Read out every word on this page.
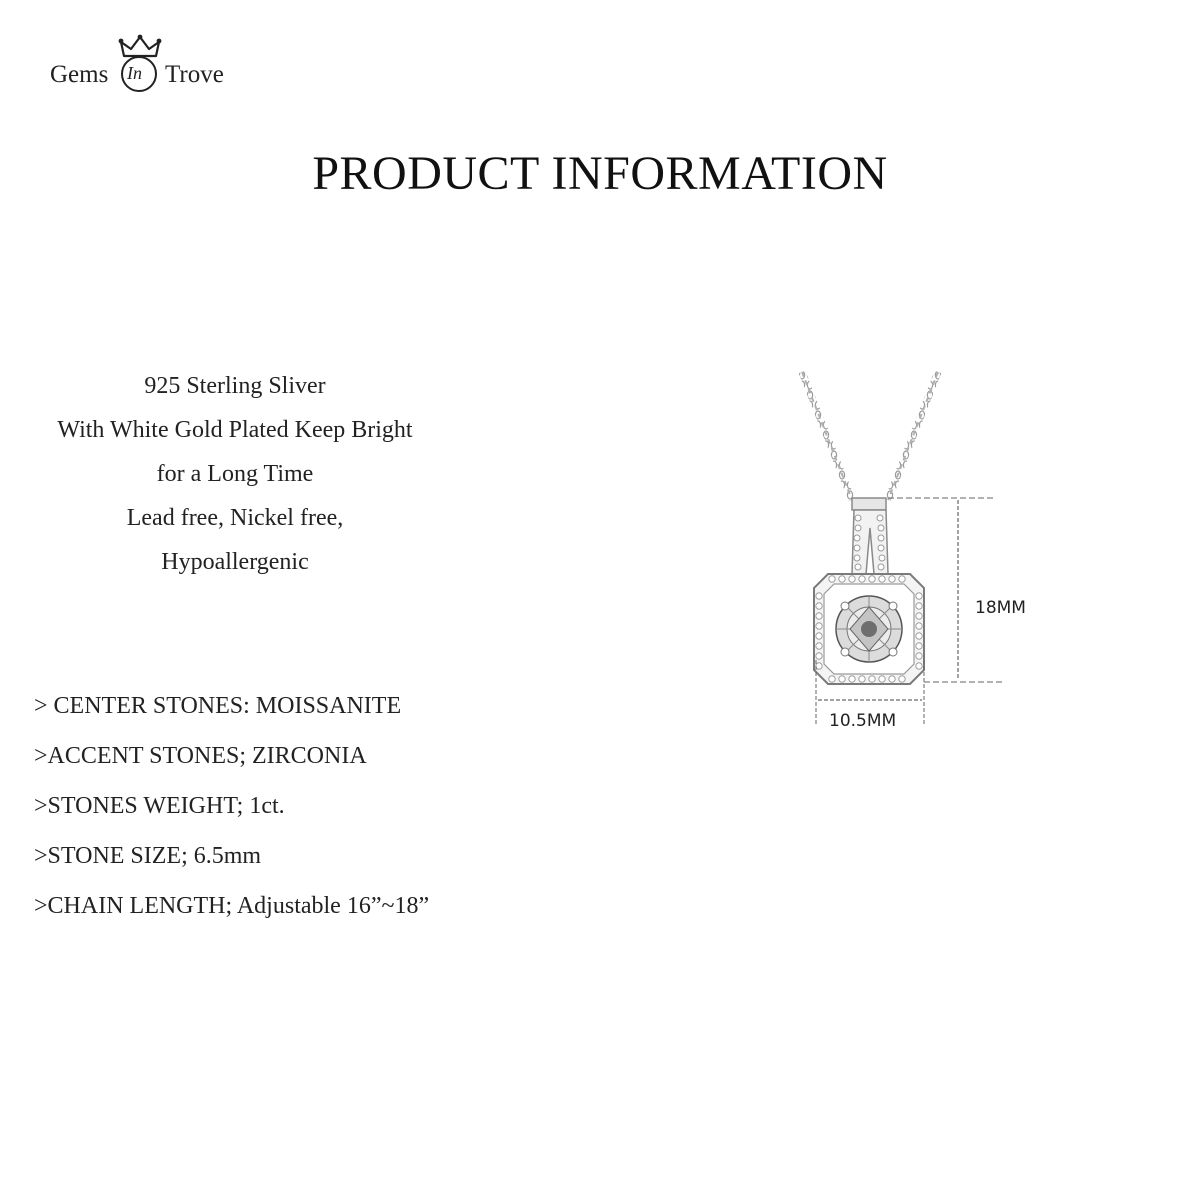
Gems In Trove
PRODUCT INFORMATION
925 Sterling Sliver
With White Gold Plated Keep Bright
for a Long Time
Lead free, Nickel free,
Hypoallergenic
> CENTER STONES: MOISSANITE
>ACCENT STONES; ZIRCONIA
>STONES WEIGHT; 1ct.
>STONE SIZE; 6.5mm
>CHAIN LENGTH; Adjustable 16”~18”
18MM
10.5MM
